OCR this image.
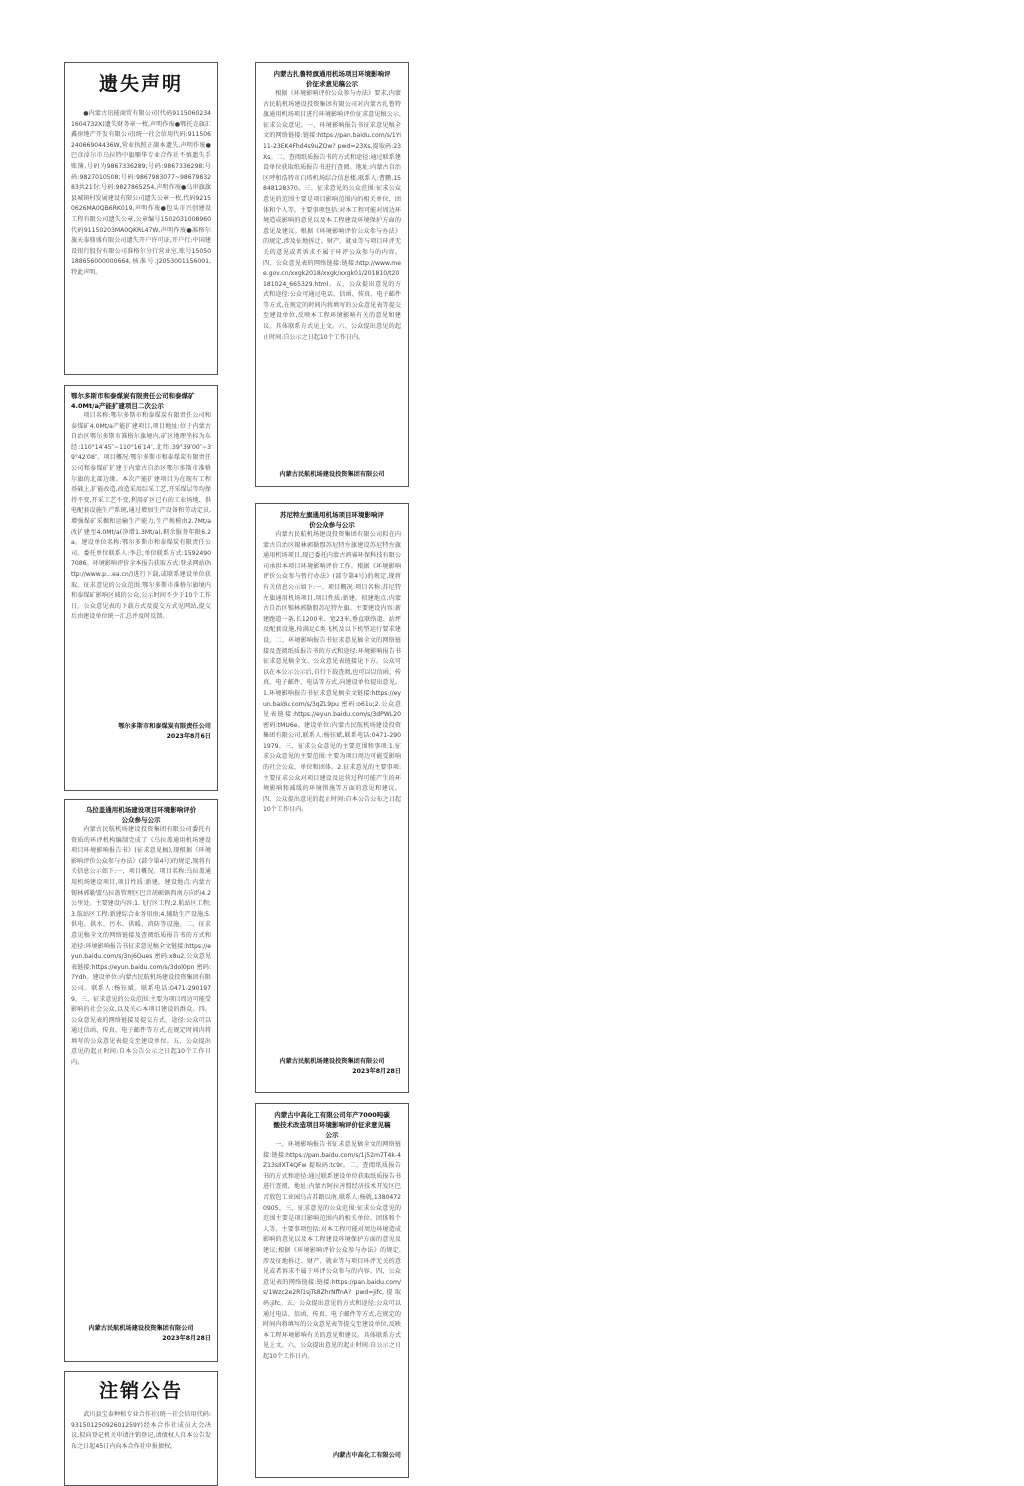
遗失声明

●内蒙古讯能商贸有限公司(代码91150602341604732X)遗失财务章一枚,声明作废●鄂托克旗汇鑫房地产开发有限公司(统一社会信用代码:91150624066904436W,营业执照正副本遗失,声明作废●巴彦淖尔市乌拉特中旗顺华专业合作社不慎遗失手账簿,号码为9867336289;号码:9867336298;号码:9827010508;号码:9867983077~9867983283共21份;号码:9827865254,声明作废●乌审旗旗县城镇村发展建设有限公司遗失公章一枚,代码92150626MA0QB6RK019,声明作废●包头市兴创建设工程有限公司遗失公章,公章编号1502031008960代码91150203MA0QKRL47W,声明作废●准格尔旗天泰鼎盛有限公司遗失开户许可证,开户行:中国建设银行股份有限公司准格尔分行营业室,账号15050188656000000664,核准号:J2053001156001,特此声明。

鄂尔多斯市和泰煤炭有限责任公司和泰煤矿4.0Mt/a产能扩建项目二次公示

项目名称:鄂尔多斯市和泰煤炭有限责任公司和泰煤矿4.0Mt/a产能扩建项目,项目地址:位于内蒙古自治区鄂尔多斯市准格尔旗境内,矿区地理坐标为东经:110°14′45″~110°16′14″,北纬:39°39′00″~39°42′08″。项目概况:鄂尔多斯市和泰煤炭有限责任公司和泰煤矿扩建于内蒙古自治区鄂尔多斯市准格尔旗的北部边缘。本次产能扩建项目为在现有工程基础上,扩能改造,改造采用综采工艺,开采煤层等均保持不变,开采工艺不变,利用矿区已有的工业场地、供电配套设施生产系统,通过增加生产设备和劳动定员,增强煤矿采掘和运输生产能力,生产规模由2.7Mt/a改扩建至4.0Mt/a(净增1.3Mt/a),剩余服务年限6.2a。建设单位名称:鄂尔多斯市和泰煤炭有限责任公司。委托单位联系人:李总;单位联系方式:15924907086。环境影响评价全本报告获取方式:登录网站(http://www.p…ea.cn/)进行下载,或联系建设单位获取。征求意见的公众范围:鄂尔多斯市准格尔旗境内和泰煤矿影响区域的公众,公示时间不少于10个工作日。公众意见表的下载方式及提交方式见网站,提交后由建设单位统一汇总并及时反馈。

鄂尔多斯市和泰煤炭有限责任公司
2023年8月6日
乌拉盖通用机场建设项目环境影响评价公众参与公示

内蒙古民航机场建设投资集团有限公司委托有资质的环评机构编制完成了《乌拉盖通用机场建设项目环境影响报告书》(征求意见稿),现根据《环境影响评价公众参与办法》(部令第4号)的规定,现将有关信息公示如下:一、项目概况。项目名称:乌拉盖通用机场建设项目,项目性质:新建。建设地点:内蒙古锡林郭勒盟乌拉盖管理区巴音胡硕镇西南方向约4.2公里处。主要建设内容:1.飞行区工程;2.航站区工程;3.航站区工程:新建综合业务用房;4.辅助生产设施;5.供电、供水、污水、供暖、消防等设施。二、征求意见稿全文的网络链接及查阅纸质报告书的方式和途径:环境影响报告书征求意见稿全文链接:https://eyun.baidu.com/s/3nj6Oues 密码:x8u2,公众意见表链接:https://eyun.baidu.com/s/3dol0pn 密码:7Ydh。建设单位:内蒙古民航机场建设投资集团有限公司。联系人:杨钰斌。联系电话:0471-2901979。三、征求意见的公众范围:主要为项目周边可能受影响的社会公众,以及关心本项目建设的群众。四、公众意见表的网络链接及提交方式、途径:公众可以通过信函、传真、电子邮件等方式,在规定时间内将填写的公众意见表提交至建设单位。五、公众提出意见的起止时间:自本公告公示之日起10个工作日内。

内蒙古民航机场建设投资集团有限公司
2023年8月28日
注销公告

武川县宝泰种植专业合作社(统一社会信用代码:93150125092601259Y)经本合作社成员大会决议,拟向登记机关申请注销登记,请债权人自本公告发布之日起45日内向本合作社申报债权。

内蒙古扎鲁特旗通用机场项目环境影响评价征求意见稿公示

根据《环境影响评价公众参与办法》要求,内蒙古民航机场建设投资集团有限公司对内蒙古扎鲁特旗通用机场项目进行环境影响评价征求意见稿公示,征求公众意见。一、环境影响报告书征求意见稿全文的网络链接:链接:https://pan.baidu.com/s/1Yi11-23EK4Fhd4s9uZOw? pwd=23Xs,提取码:23Xs。二、查阅纸质报告书的方式和途径:通过联系建设单位获取纸质报告书进行查阅。地址:内蒙古自治区呼和浩特市白塔机场综合信息楼,联系人:曹鹏,15848128370。三、征求意见的公众范围:征求公众意见的范围主要是项目影响范围内的相关单位、团体和个人等。主要事项包括:对本工程可能对周边环境造成影响的意见以及本工程建设环境保护方面的意见及建议。根据《环境影响评价公众参与办法》的规定,涉及征地拆迁、财产、就业等与项目环评无关的意见或者诉求不属于环评公众参与的内容。四、公众意见表的网络链接:链接:http://www.mee.gov.cn/xxgk2018/xxgk/xxgk01/201810/t20181024_665329.html。五、公众提出意见的方式和途径:公众可通过电话、信函、传真、电子邮件等方式,在规定的时间内将填写的公众意见表等提交至建设单位,反映本工程环境影响有关的意见和建议。具体联系方式见上文。六、公众提出意见的起止时间:自公示之日起10个工作日内。

内蒙古民航机场建设投资集团有限公司
苏尼特左旗通用机场项目环境影响评价公众参与公示

内蒙古民航机场建设投资集团有限公司拟在内蒙古自治区锡林郭勒盟苏尼特左旗建设苏尼特左旗通用机场项目,现已委托内蒙古鸿睿环保科技有限公司承担本项目环境影响评价工作。根据《环境影响评价公众参与暂行办法》(部令第4号)的规定,现将有关信息公示如下:一、项目概况:项目名称:苏尼特左旗通用机场项目,项目性质:新建。拟建地点:内蒙古自治区锡林郭勒盟苏尼特左旗。主要建设内容:新建跑道一条,长1200米、宽23米,垂直联络道、站坪及配套设施,按满足C类飞机及以下机型运行要求建设。二、环境影响报告书征求意见稿全文的网络链接及查阅纸质报告书的方式和途径:环境影响报告书征求意见稿全文、公众意见表链接见下方。公众可以在本公示公示后,自行下载查阅,也可以以信函、传真、电子邮件、电话等方式,向建设单位提出意见。1.环境影响报告书征求意见稿全文链接:https://eyun.baidu.com/s/3qZL9pu 密码:o61u;2.公众意见表链接:https://eyun.baidu.com/s/3dPWL20 密码:tMU6e。建设单位:内蒙古民航机场建设投资集团有限公司,联系人:杨钰斌,联系电话:0471-2901979。三、征求公众意见的主要范围和事项:1.征求公众意见的主要范围:主要为项目周边可能受影响的社会公众、单位和团体。2.征求意见的主要事项:主要征求公众对项目建设及运营过程可能产生的环境影响和减缓的环境措施等方面的意见和建议。四、公众提出意见的起止时间:自本公告公布之日起10个工作日内。

内蒙古民航机场建设投资集团有限公司
2023年8月28日
内蒙古中高化工有限公司年产7000吨碳酸技术改造项目环境影响评价征求意见稿公示

一、环境影响报告书征求意见稿全文的网络链接:链接:https://pan.baidu.com/s/1j52m7T4k-4Z13sIlXT4QFw 提取码:tc9r。二、查阅纸质报告书的方式和途径:通过联系建设单位获取纸质报告书进行查阅。地址:内蒙古阿拉善盟经济技术开发区巴音敖包工业园乌吉苏路以南,联系人:杨就,13804720905。三、征求意见的公众范围:征求公众意见的范围主要是项目影响范围内的相关单位、团体和个人等。主要事项包括:对本工程可能对周边环境造成影响的意见以及本工程建设环境保护方面的意见及建议;根据《环境影响评价公众参与办法》的规定,涉及征地拆迁、财产、就业等与项目环评无关的意见或者诉求不属于环评公众参与的内容。四、公众意见表的网络链接:链接:https://pan.baidu.com/s/1Wzc2e2Rl1sjTs8ZhrNffnA? pwd=jifc,提取码:jifc。五、公众提出意见的方式和途径:公众可以通过电话、信函、传真、电子邮件等方式,在规定的时间内将填写的公众意见表等提交至建设单位,反映本工程环境影响有关的意见和建议。具体联系方式见上文。六、公众提出意见的起止时间:自公示之日起10个工作日内。

内蒙古中高化工有限公司
